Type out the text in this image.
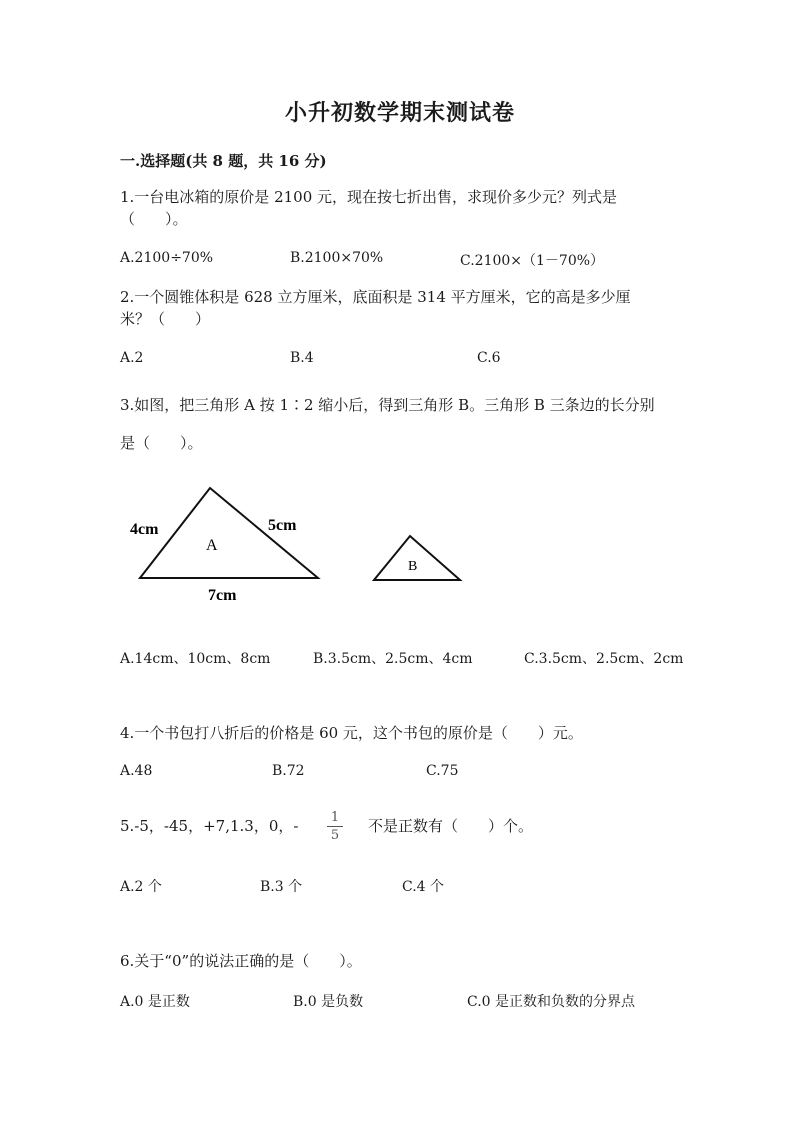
小升初数学期末测试卷
一.选择题(共 8 题，共 16 分)
1.一台电冰箱的原价是 2100 元，现在按七折出售，求现价多少元？列式是
（　　）。
A.2100÷70%	B.2100×70%	C.2100×（1－70%）
2.一个圆锥体积是 628 立方厘米，底面积是 314 平方厘米，它的高是多少厘
米？（　　）
A.2	B.4	C.6
3.如图，把三角形 A 按 1∶2 缩小后，得到三角形 B。三角形 B 三条边的长分别
是（　　）。
4cm	5cm
7cm
A
B
A.14cm、10cm、8cm	B.3.5cm、2.5cm、4cm	C.3.5cm、2.5cm、2cm
4.一个书包打八折后的价格是 60 元，这个书包的原价是（　　）元。
A.48	B.72	C.75
5.-5，-45，+7,1.3，0，-	1
5
不是正数有（　　）个。
A.2 个	B.3 个	C.4 个
6.关于“0”的说法正确的是（　　）。
A.0 是正数	B.0 是负数	C.0 是正数和负数的分界点
